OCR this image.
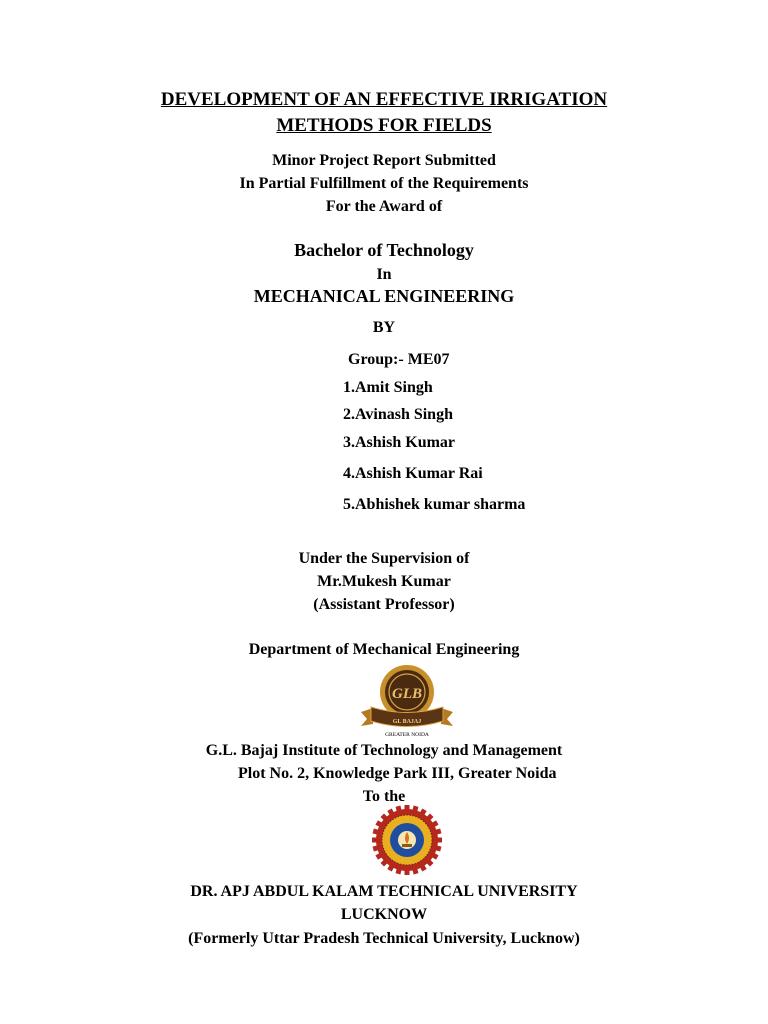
DEVELOPMENT OF AN EFFECTIVE IRRIGATION
METHODS FOR FIELDS
Minor Project Report Submitted
In Partial Fulfillment of the Requirements
For the Award of
Bachelor of Technology
In
MECHANICAL ENGINEERING
BY
Group:- ME07
1.Amit Singh
2.Avinash Singh
3.Ashish Kumar
4.Ashish Kumar Rai
5.Abhishek kumar sharma
Under the Supervision of
Mr.Mukesh Kumar
(Assistant Professor)
Department of Mechanical Engineering
GLB
GL BAJAJ
GREATER NOIDA
G.L. Bajaj Institute of Technology and Management
Plot No. 2, Knowledge Park III, Greater Noida
To the
DR. APJ ABDUL KALAM TECHNICAL UNIVERSITY
LUCKNOW
(Formerly Uttar Pradesh Technical University, Lucknow)
